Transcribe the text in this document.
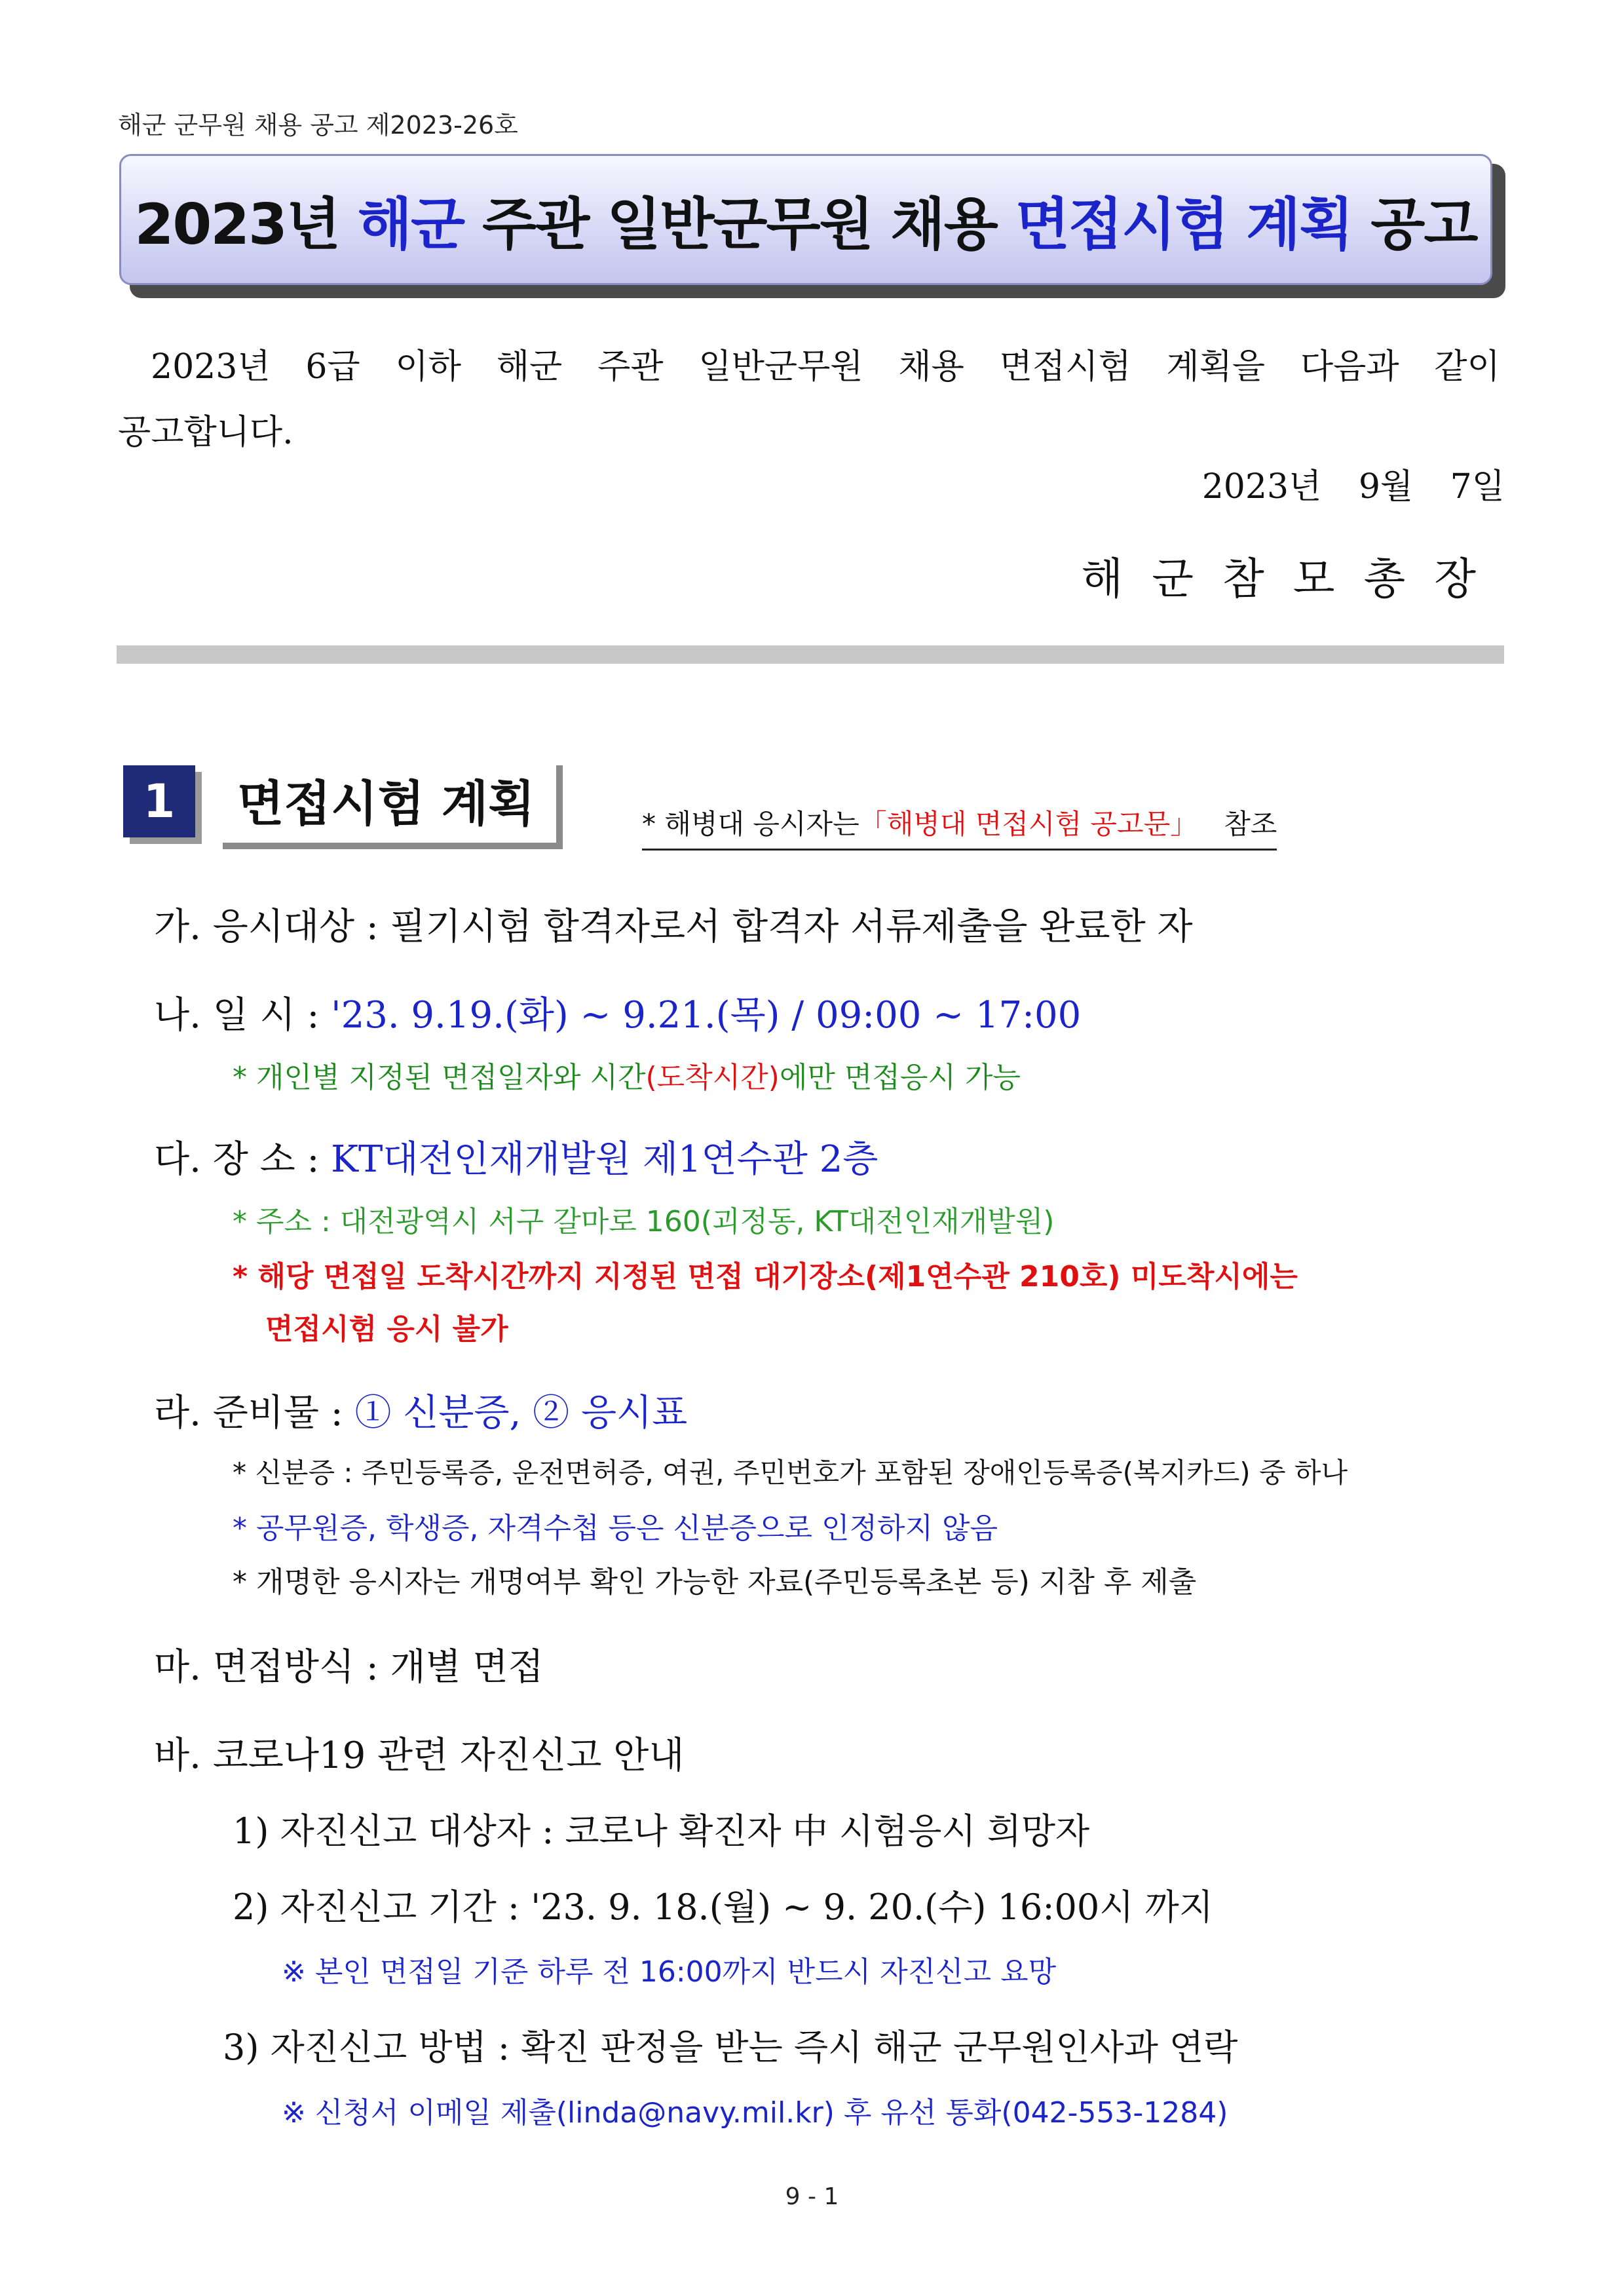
해군 군무원 채용 공고 제2023-26호
2023년 해군 주관 일반군무원 채용 면접시험 계획 공고
2023년 6급 이하 해군 주관 일반군무원 채용 면접시험 계획을 다음과 같이
공고합니다.
2023년 9월 7일
해군참모총장
1	면접시험 계획	* 해병대 응시자는「해병대 면접시험 공고문」 참조
가. 응시대상 : 필기시험 합격자로서 합격자 서류제출을 완료한 자
나. 일 시 : '23. 9.19.(화) ~ 9.21.(목) / 09:00 ~ 17:00
* 개인별 지정된 면접일자와 시간(도착시간)에만 면접응시 가능
다. 장 소 : KT대전인재개발원 제1연수관 2층
* 주소 : 대전광역시 서구 갈마로 160(괴정동, KT대전인재개발원)
* 해당 면접일 도착시간까지 지정된 면접 대기장소(제1연수관 210호) 미도착시에는
면접시험 응시 불가
라. 준비물 : ① 신분증, ② 응시표
* 신분증 : 주민등록증, 운전면허증, 여권, 주민번호가 포함된 장애인등록증(복지카드) 중 하나
* 공무원증, 학생증, 자격수첩 등은 신분증으로 인정하지 않음
* 개명한 응시자는 개명여부 확인 가능한 자료(주민등록초본 등) 지참 후 제출
마. 면접방식 : 개별 면접
바. 코로나19 관련 자진신고 안내
1) 자진신고 대상자 : 코로나 확진자 中 시험응시 희망자
2) 자진신고 기간 : '23. 9. 18.(월) ~ 9. 20.(수) 16:00시 까지
※ 본인 면접일 기준 하루 전 16:00까지 반드시 자진신고 요망
3) 자진신고 방법 : 확진 판정을 받는 즉시 해군 군무원인사과 연락
※ 신청서 이메일 제출(linda@navy.mil.kr) 후 유선 통화(042-553-1284)
9 - 1
